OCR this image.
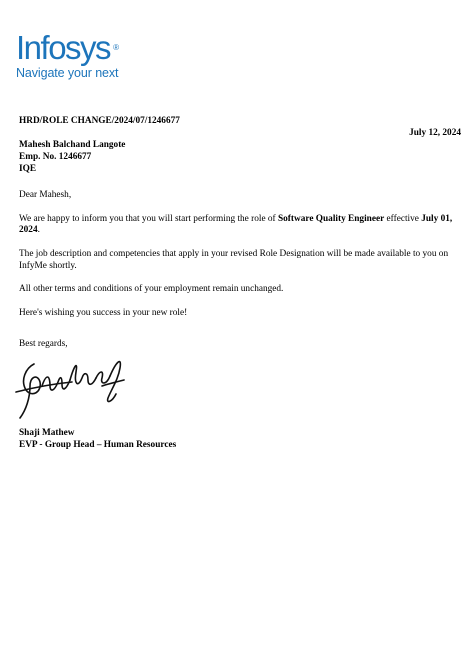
Infosys ®
Navigate your next
HRD/ROLE CHANGE/2024/07/1246677
July 12, 2024
Mahesh Balchand Langote
Emp. No. 1246677
IQE

Dear Mahesh,

We are happy to inform you that you will start performing the role of Software Quality Engineer effective July 01, 2024.

The job description and competencies that apply in your revised Role Designation will be made available to you on InfyMe shortly.

All other terms and conditions of your employment remain unchanged.

Here's wishing you success in your new role!

Best regards,
Shaji Mathew
EVP - Group Head – Human Resources
